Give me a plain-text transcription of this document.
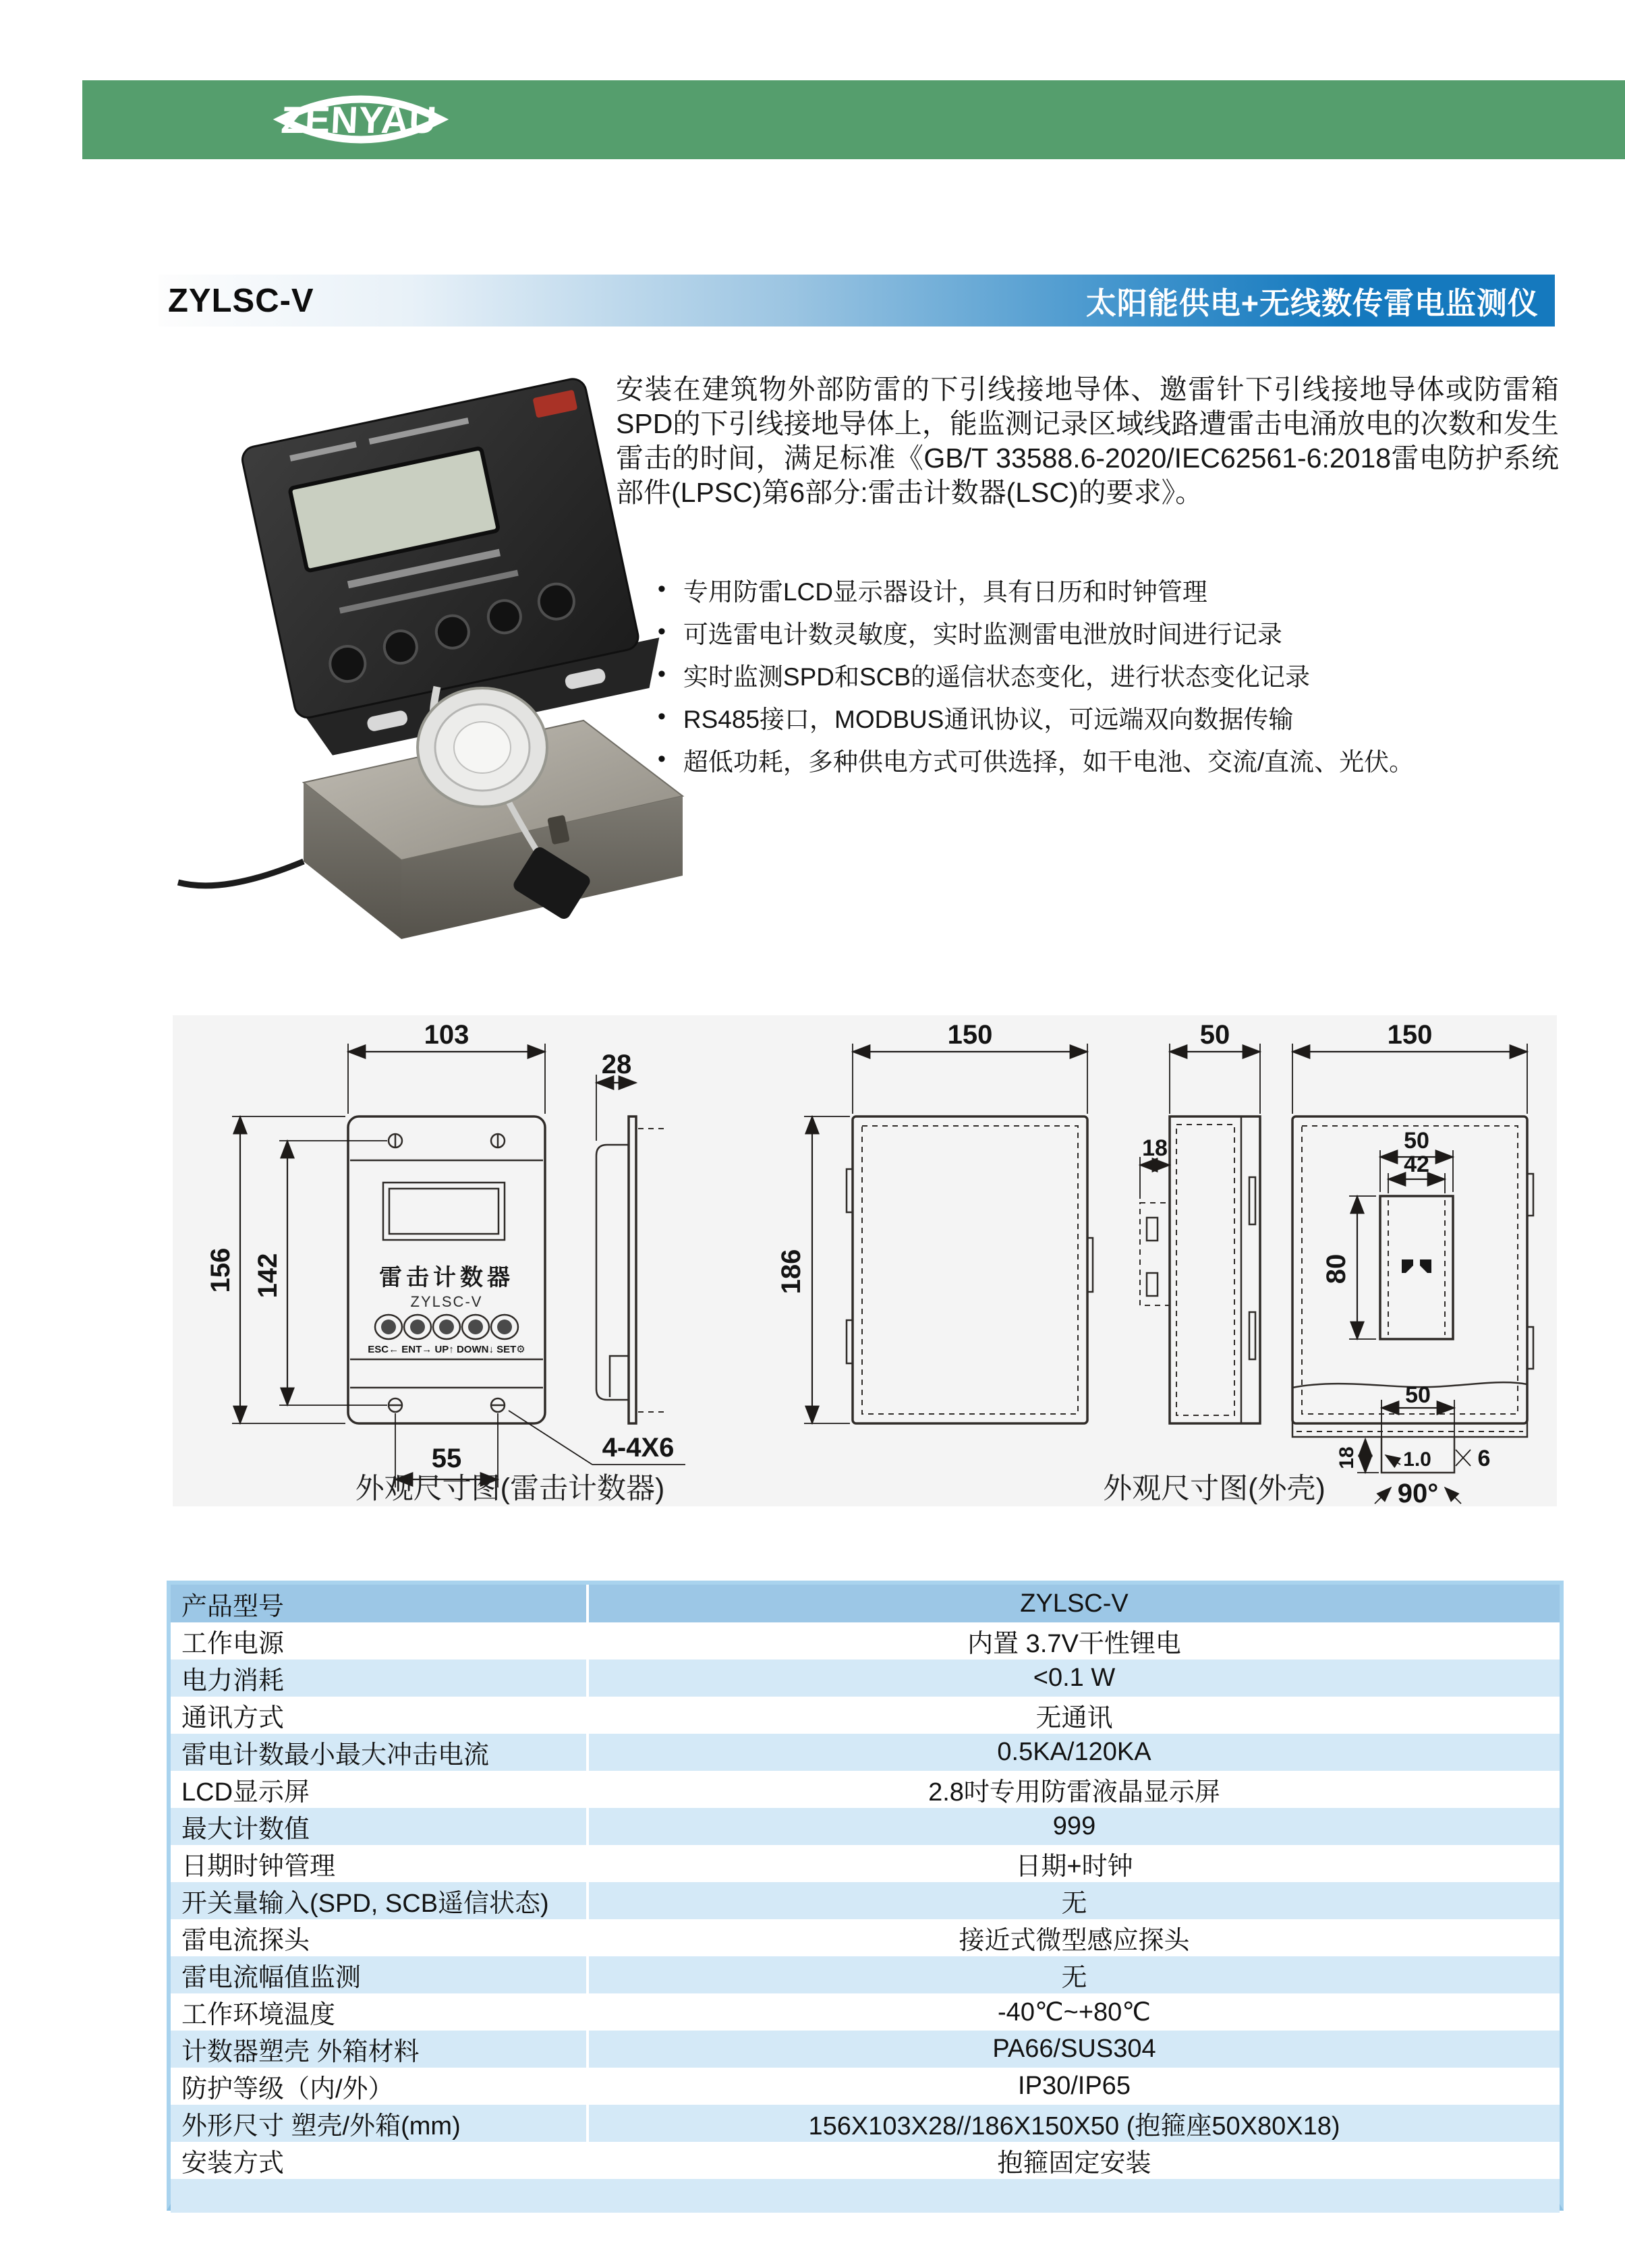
ZENYAU
雷击计数器与智能防雷监测
ZYLSC-V	太阳能供电+无线数传雷电监测仪
安装在建筑物外部防雷的下引线接地导体、邀雷针下引线接地导体或防雷箱SPD的下引线接地导体上，能监测记录区域线路遭雷击电涌放电的次数和发生雷击的时间，满足标准《GB/T 33588.6-2020/IEC62561-6:2018雷电防护系统部件(LPSC)第6部分:雷击计数器(LSC)的要求》。
• 专用防雷LCD显示器设计，具有日历和时钟管理
• 可选雷电计数灵敏度，实时监测雷电泄放时间进行记录
• 实时监测SPD和SCB的遥信状态变化，进行状态变化记录
• RS485接口，MODBUS通讯协议，可远端双向数据传输
• 超低功耗，多种供电方式可供选择，如干电池、交流/直流、光伏。
雷击计数器
ZYLSC-V
ESC← ENT→ UP↑ DOWN↓ SET⚙
103
156 142
55	4-4X6
28
外观尺寸图(雷击计数器)
150
186
50
18
150
50
42
80
50
18 1.0 6
90°
外观尺寸图(外壳)
产品型号	ZYLSC-V
工作电源	内置 3.7V干性锂电
电力消耗	<0.1 W
通讯方式	无通讯
雷电计数最小最大冲击电流	0.5KA/120KA
LCD显示屏	2.8吋专用防雷液晶显示屏
最大计数值	999
日期时钟管理	日期+时钟
开关量输入(SPD, SCB遥信状态)	无
雷电流探头	接近式微型感应探头
雷电流幅值监测	无
工作环境温度	-40℃~+80℃
计数器塑壳 外箱材料	PA66/SUS304
防护等级（内/外）	IP30/IP65
外形尺寸 塑壳/外箱(mm)	156X103X28//186X150X50 (抱箍座50X80X18)
安装方式	抱箍固定安装
